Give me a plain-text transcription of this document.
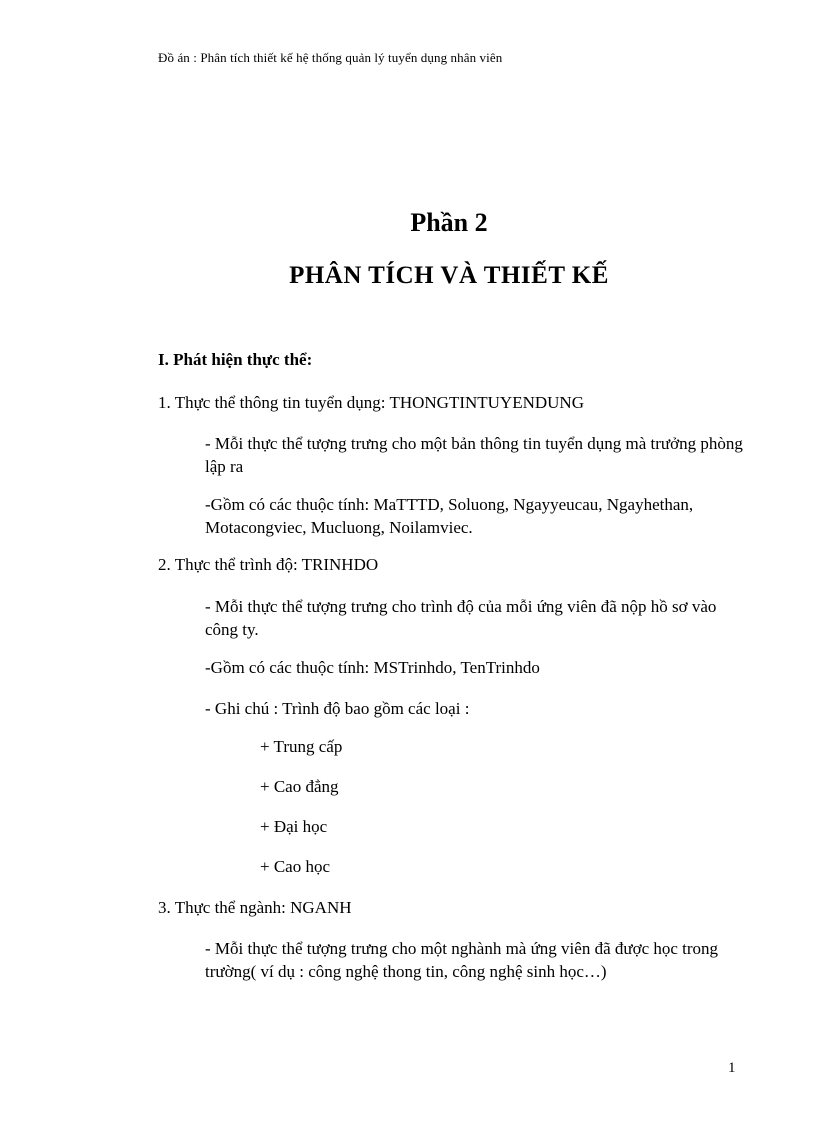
Đồ án : Phân tích thiết kế hệ thống quản lý tuyển dụng nhân viên
Phần 2
PHÂN TÍCH VÀ THIẾT KẾ
I. Phát hiện thực thể:
1. Thực thể thông tin tuyển dụng: THONGTINTUYENDUNG
- Mỗi thực thể tượng trưng cho một bản thông tin tuyển dụng mà trưởng phòng lập ra
-Gồm có các thuộc tính: MaTTTD, Soluong, Ngayyeucau, Ngayhethan, Motacongviec, Mucluong, Noilamviec.
2. Thực thể trình độ: TRINHDO
- Mỗi thực thể tượng trưng cho trình độ của mỗi ứng viên đã nộp hồ sơ vào công ty.
-Gồm có các thuộc tính: MSTrinhdo, TenTrinhdo
- Ghi chú : Trình độ bao gồm các loại :
+ Trung cấp
+ Cao đẳng
+ Đại học
+ Cao học
3. Thực thể ngành: NGANH
- Mỗi thực thể tượng trưng cho một nghành mà ứng viên đã được học trong trường( ví dụ : công nghệ thong tin, công nghệ sinh học…)
1
